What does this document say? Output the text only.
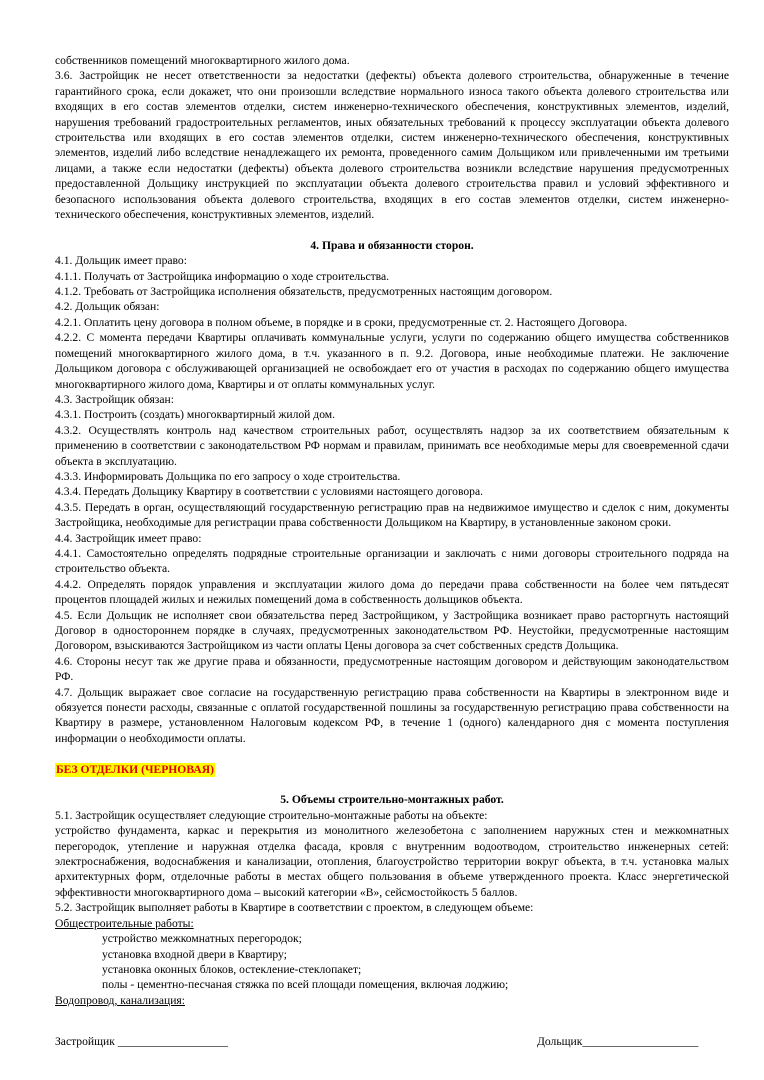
собственников помещений многоквартирного жилого дома.

3.6. Застройщик не несет ответственности за недостатки (дефекты) объекта долевого строительства, обнаруженные в течение гарантийного срока, если докажет, что они произошли вследствие нормального износа такого объекта долевого строительства или входящих в его состав элементов отделки, систем инженерно-технического обеспечения, конструктивных элементов, изделий, нарушения требований градостроительных регламентов, иных обязательных требований к процессу эксплуатации объекта долевого строительства или входящих в его состав элементов отделки, систем инженерно-технического обеспечения, конструктивных элементов, изделий либо вследствие ненадлежащего их ремонта, проведенного самим Дольщиком или привлеченными им третьими лицами, а также если недостатки (дефекты) объекта долевого строительства возникли вследствие нарушения предусмотренных предоставленной Дольщику инструкцией по эксплуатации объекта долевого строительства правил и условий эффективного и безопасного использования объекта долевого строительства, входящих в его состав элементов отделки, систем инженерно-технического обеспечения, конструктивных элементов, изделий.

4. Права и обязанности сторон.

4.1. Дольщик имеет право:

4.1.1. Получать от Застройщика информацию о ходе строительства.

4.1.2. Требовать от Застройщика исполнения обязательств, предусмотренных настоящим договором.

4.2. Дольщик обязан:

4.2.1. Оплатить цену договора в полном объеме, в порядке и в сроки, предусмотренные ст. 2. Настоящего Договора.

4.2.2. С момента передачи Квартиры оплачивать коммунальные услуги, услуги по содержанию общего имущества собственников помещений многоквартирного жилого дома, в т.ч. указанного в п. 9.2. Договора, иные необходимые платежи. Не заключение Дольщиком договора с обслуживающей организацией не освобождает его от участия в расходах по содержанию общего имущества многоквартирного жилого дома, Квартиры и от оплаты коммунальных услуг.

4.3. Застройщик обязан:

4.3.1. Построить (создать) многоквартирный жилой дом.

4.3.2. Осуществлять контроль над качеством строительных работ, осуществлять надзор за их соответствием обязательным к применению в соответствии с законодательством РФ нормам и правилам, принимать все необходимые меры для своевременной сдачи объекта в эксплуатацию.

4.3.3. Информировать Дольщика по его запросу о ходе строительства.

4.3.4. Передать Дольщику Квартиру в соответствии с условиями настоящего договора.

4.3.5. Передать в орган, осуществляющий государственную регистрацию прав на недвижимое имущество и сделок с ним, документы Застройщика, необходимые для регистрации права собственности Дольщиком на Квартиру, в установленные законом сроки.

4.4. Застройщик имеет право:

4.4.1. Самостоятельно определять подрядные строительные организации и заключать с ними договоры строительного подряда на строительство объекта.

4.4.2. Определять порядок управления и эксплуатации жилого дома до передачи права собственности на более чем пятьдесят процентов площадей жилых и нежилых помещений дома в собственность дольщиков объекта.

4.5. Если Дольщик не исполняет свои обязательства перед Застройщиком, у Застройщика возникает право расторгнуть настоящий Договор в одностороннем порядке в случаях, предусмотренных законодательством РФ. Неустойки, предусмотренные настоящим Договором, взыскиваются Застройщиком из части оплаты Цены договора за счет собственных средств Дольщика.

4.6. Стороны несут так же другие права и обязанности, предусмотренные настоящим договором и действующим законодательством РФ.

4.7. Дольщик выражает свое согласие на государственную регистрацию права собственности на Квартиры в электронном виде и обязуется понести расходы, связанные с оплатой государственной пошлины за государственную регистрацию права собственности на Квартиру в размере, установленном Налоговым кодексом РФ, в течение 1 (одного) календарного дня с момента поступления информации о необходимости оплаты.

БЕЗ ОТДЕЛКИ (ЧЕРНОВАЯ)

5. Объемы строительно-монтажных работ.

5.1. Застройщик осуществляет следующие строительно-монтажные работы на объекте:

устройство фундамента, каркас и перекрытия из монолитного железобетона с заполнением наружных стен и межкомнатных перегородок, утепление и наружная отделка фасада, кровля с внутренним водоотводом, строительство инженерных сетей: электроснабжения, водоснабжения и канализации, отопления, благоустройство территории вокруг объекта, в т.ч. установка малых архитектурных форм, отделочные работы в местах общего пользования в объеме утвержденного проекта. Класс энергетической эффективности многоквартирного дома – высокий категории «В», сейсмостойкость 5 баллов.

5.2. Застройщик выполняет работы в Квартире в соответствии с проектом, в следующем объеме:

Общестроительные работы:

устройство межкомнатных перегородок;

установка входной двери в Квартиру;

установка оконных блоков, остекление-стеклопакет;

полы - цементно-песчаная стяжка по всей площади помещения, включая лоджию;

Водопровод, канализация:

Застройщик ___________________	Дольщик____________________
